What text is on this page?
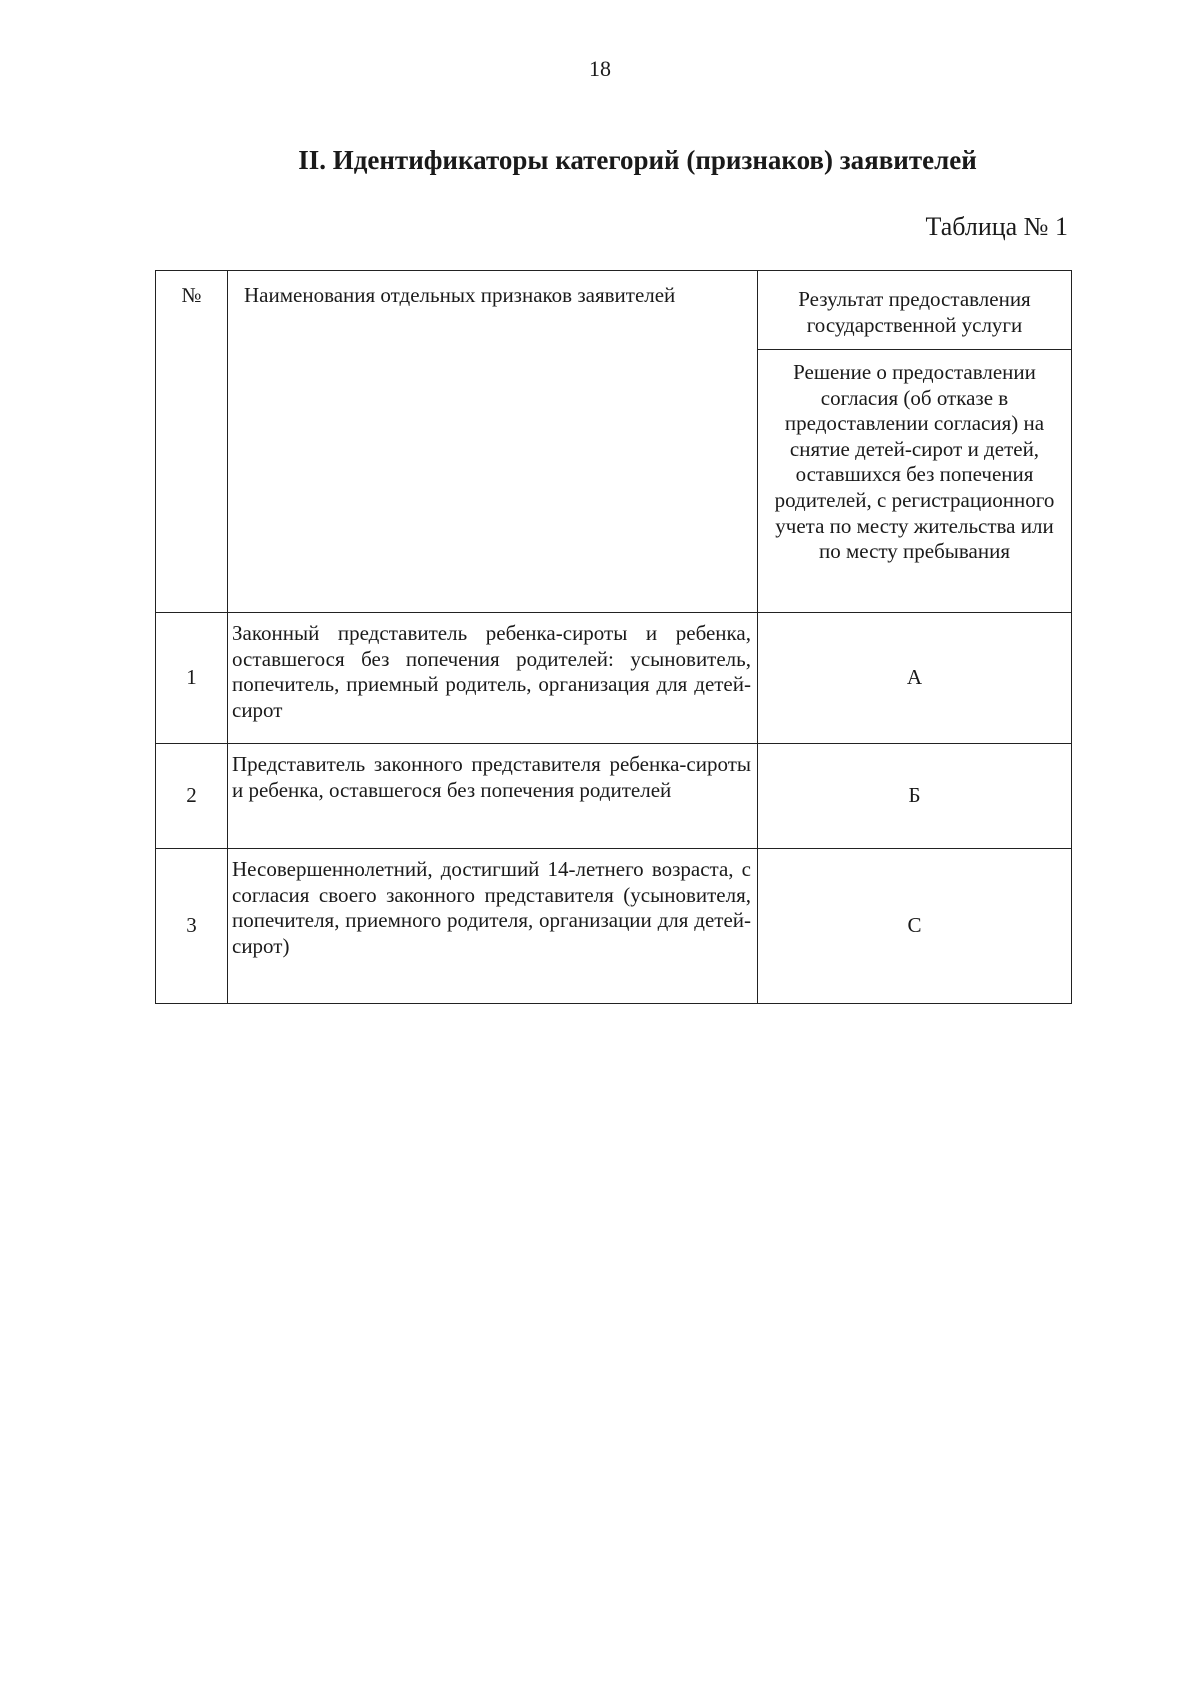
18
II. Идентификаторы категорий (признаков) заявителей
Таблица № 1
№	Наименования отдельных признаков заявителей	Результат предоставления государственной услуги
		Решение о предоставлении согласия (об отказе в предоставлении согласия) на снятие детей-сирот и детей, оставшихся без попечения родителей, с регистрационного учета по месту жительства или по месту пребывания
1	Законный представитель ребенка-сироты и ребенка, оставшегося без попечения родителей: усыновитель, попечитель, приемный родитель, организация для детей-сирот	А
2	Представитель законного представителя ребенка-сироты и ребенка, оставшегося без попечения родителей	Б
3	Несовершеннолетний, достигший 14-летнего возраста, с согласия своего законного представителя (усыновителя, попечителя, приемного родителя, организации для детей-сирот)	С
